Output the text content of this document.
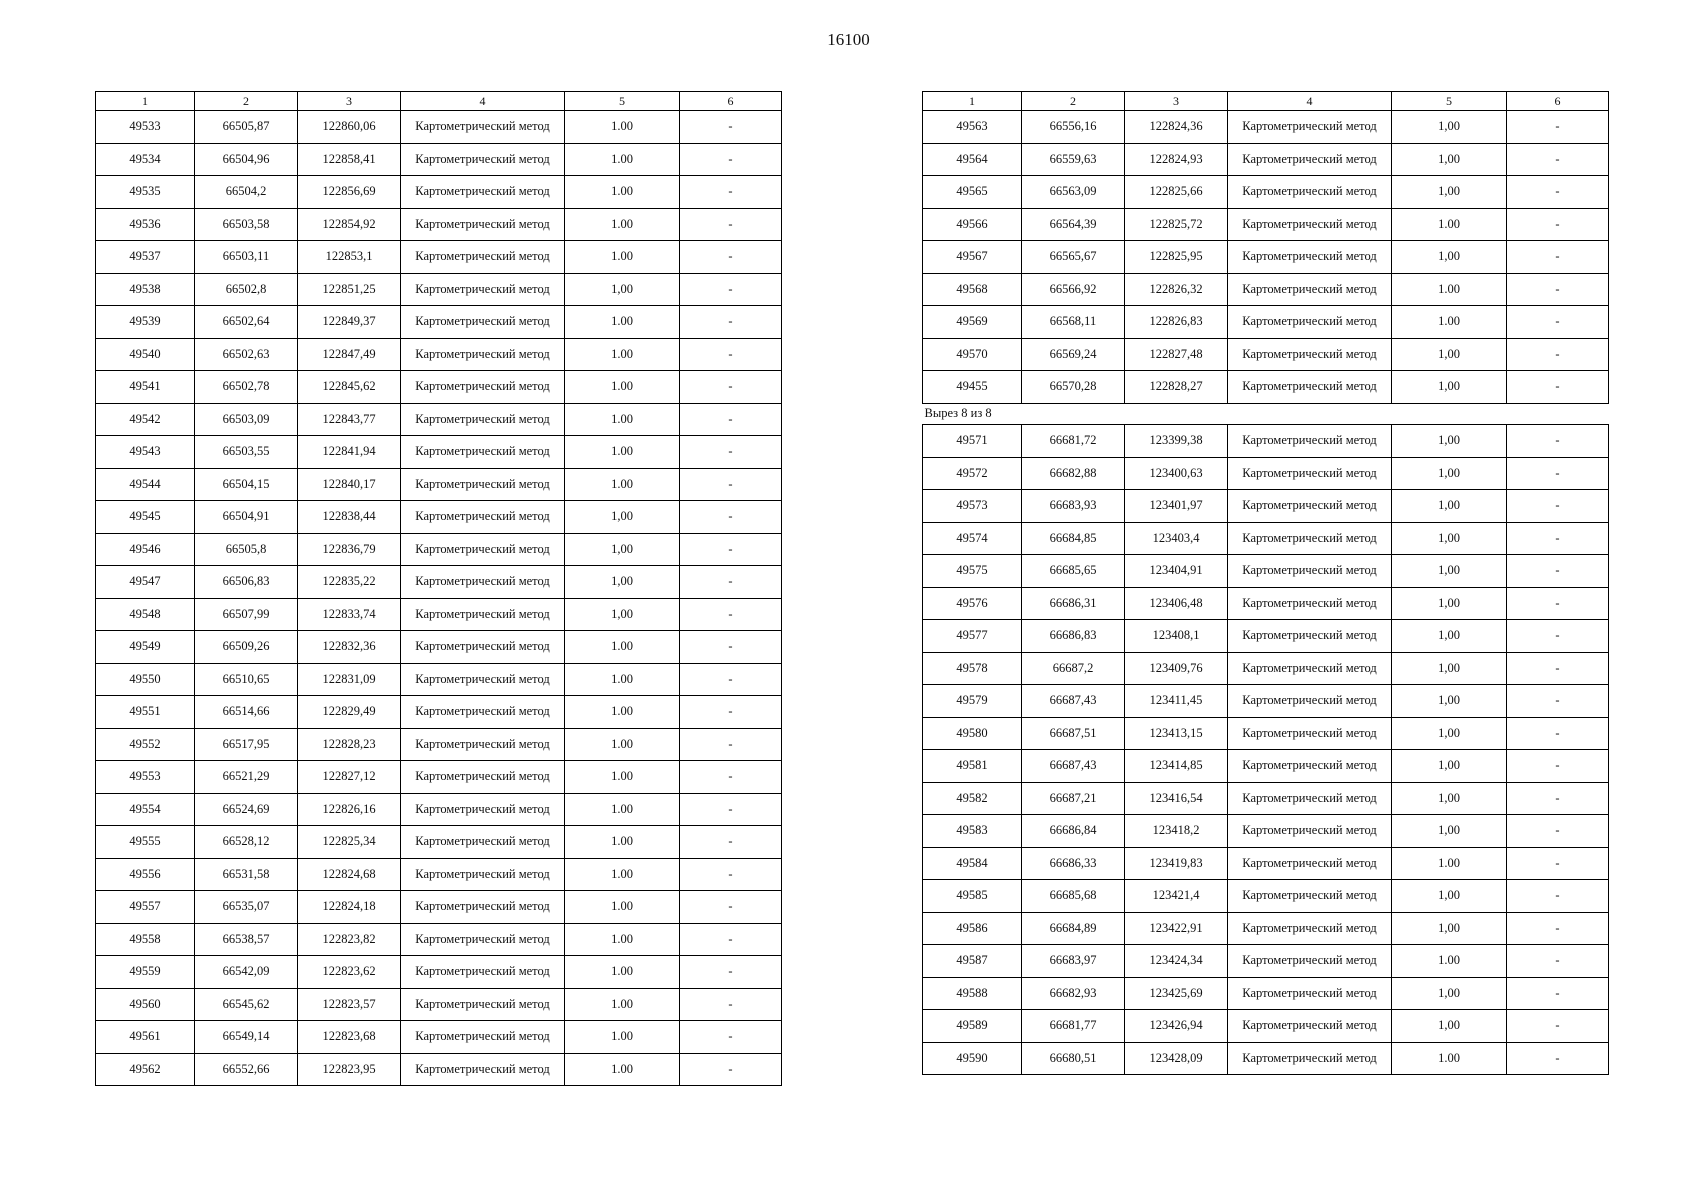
16100
1	2	3	4	5	6
49533	66505,87	122860,06	Картометрический метод	1.00	-
49534	66504,96	122858,41	Картометрический метод	1.00	-
49535	66504,2	122856,69	Картометрический метод	1.00	-
49536	66503,58	122854,92	Картометрический метод	1.00	-
49537	66503,11	122853,1	Картометрический метод	1.00	-
49538	66502,8	122851,25	Картометрический метод	1,00	-
49539	66502,64	122849,37	Картометрический метод	1.00	-
49540	66502,63	122847,49	Картометрический метод	1.00	-
49541	66502,78	122845,62	Картометрический метод	1.00	-
49542	66503,09	122843,77	Картометрический метод	1.00	-
49543	66503,55	122841,94	Картометрический метод	1.00	-
49544	66504,15	122840,17	Картометрический метод	1.00	-
49545	66504,91	122838,44	Картометрический метод	1,00	-
49546	66505,8	122836,79	Картометрический метод	1,00	-
49547	66506,83	122835,22	Картометрический метод	1,00	-
49548	66507,99	122833,74	Картометрический метод	1,00	-
49549	66509,26	122832,36	Картометрический метод	1.00	-
49550	66510,65	122831,09	Картометрический метод	1.00	-
49551	66514,66	122829,49	Картометрический метод	1.00	-
49552	66517,95	122828,23	Картометрический метод	1.00	-
49553	66521,29	122827,12	Картометрический метод	1.00	-
49554	66524,69	122826,16	Картометрический метод	1.00	-
49555	66528,12	122825,34	Картометрический метод	1.00	-
49556	66531,58	122824,68	Картометрический метод	1.00	-
49557	66535,07	122824,18	Картометрический метод	1.00	-
49558	66538,57	122823,82	Картометрический метод	1.00	-
49559	66542,09	122823,62	Картометрический метод	1.00	-
49560	66545,62	122823,57	Картометрический метод	1.00	-
49561	66549,14	122823,68	Картометрический метод	1.00	-
49562	66552,66	122823,95	Картометрический метод	1.00	-
1	2	3	4	5	6
49563	66556,16	122824,36	Картометрический метод	1,00	-
49564	66559,63	122824,93	Картометрический метод	1,00	-
49565	66563,09	122825,66	Картометрический метод	1,00	-
49566	66564,39	122825,72	Картометрический метод	1.00	-
49567	66565,67	122825,95	Картометрический метод	1,00	-
49568	66566,92	122826,32	Картометрический метод	1.00	-
49569	66568,11	122826,83	Картометрический метод	1.00	-
49570	66569,24	122827,48	Картометрический метод	1,00	-
49455	66570,28	122828,27	Картометрический метод	1,00	-
Вырез 8 из 8					
49571	66681,72	123399,38	Картометрический метод	1,00	-
49572	66682,88	123400,63	Картометрический метод	1,00	-
49573	66683,93	123401,97	Картометрический метод	1,00	-
49574	66684,85	123403,4	Картометрический метод	1,00	-
49575	66685,65	123404,91	Картометрический метод	1,00	-
49576	66686,31	123406,48	Картометрический метод	1,00	-
49577	66686,83	123408,1	Картометрический метод	1,00	-
49578	66687,2	123409,76	Картометрический метод	1,00	-
49579	66687,43	123411,45	Картометрический метод	1,00	-
49580	66687,51	123413,15	Картометрический метод	1,00	-
49581	66687,43	123414,85	Картометрический метод	1,00	-
49582	66687,21	123416,54	Картометрический метод	1,00	-
49583	66686,84	123418,2	Картометрический метод	1,00	-
49584	66686,33	123419,83	Картометрический метод	1.00	-
49585	66685,68	123421,4	Картометрический метод	1,00	-
49586	66684,89	123422,91	Картометрический метод	1,00	-
49587	66683,97	123424,34	Картометрический метод	1.00	-
49588	66682,93	123425,69	Картометрический метод	1,00	-
49589	66681,77	123426,94	Картометрический метод	1,00	-
49590	66680,51	123428,09	Картометрический метод	1.00	-
